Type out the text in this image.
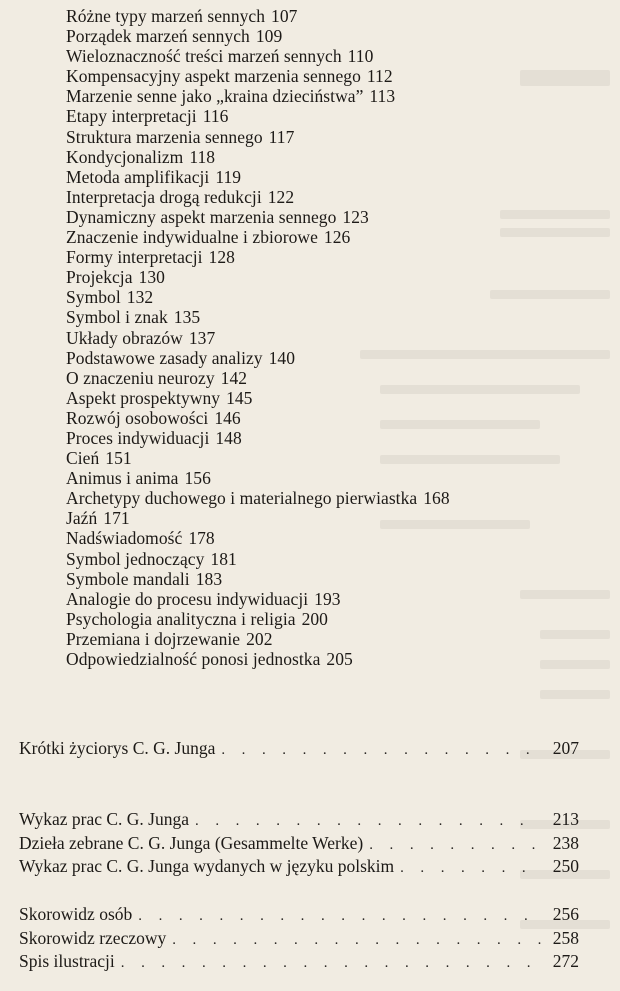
Różne typy marzeń sennych 107
Porządek marzeń sennych 109
Wieloznaczność treści marzeń sennych 110
Kompensacyjny aspekt marzenia sennego 112
Marzenie senne jako „kraina dzieciństwa” 113
Etapy interpretacji 116
Struktura marzenia sennego 117
Kondycjonalizm 118
Metoda amplifikacji 119
Interpretacja drogą redukcji 122
Dynamiczny aspekt marzenia sennego 123
Znaczenie indywidualne i zbiorowe 126
Formy interpretacji 128
Projekcja 130
Symbol 132
Symbol i znak 135
Układy obrazów 137
Podstawowe zasady analizy 140
O znaczeniu neurozy 142
Aspekt prospektywny 145
Rozwój osobowości 146
Proces indywiduacji 148
Cień 151
Animus i anima 156
Archetypy duchowego i materialnego pierwiastka 168
Jaźń 171
Nadświadomość 178
Symbol jednoczący 181
Symbole mandali 183
Analogie do procesu indywiduacji 193
Psychologia analityczna i religia 200
Przemiana i dojrzewanie 202
Odpowiedzialność ponosi jednostka 205
Krótki życiorys C. G. Junga . . .	207
Wykaz prac C. G. Junga . . .	213
Dzieła zebrane C. G. Junga (Gesammelte Werke) . . .	238
Wykaz prac C. G. Junga wydanych w języku polskim . . .	250
Skorowidz osób . . .	256
Skorowidz rzeczowy . . .	258
Spis ilustracji . . .	272
